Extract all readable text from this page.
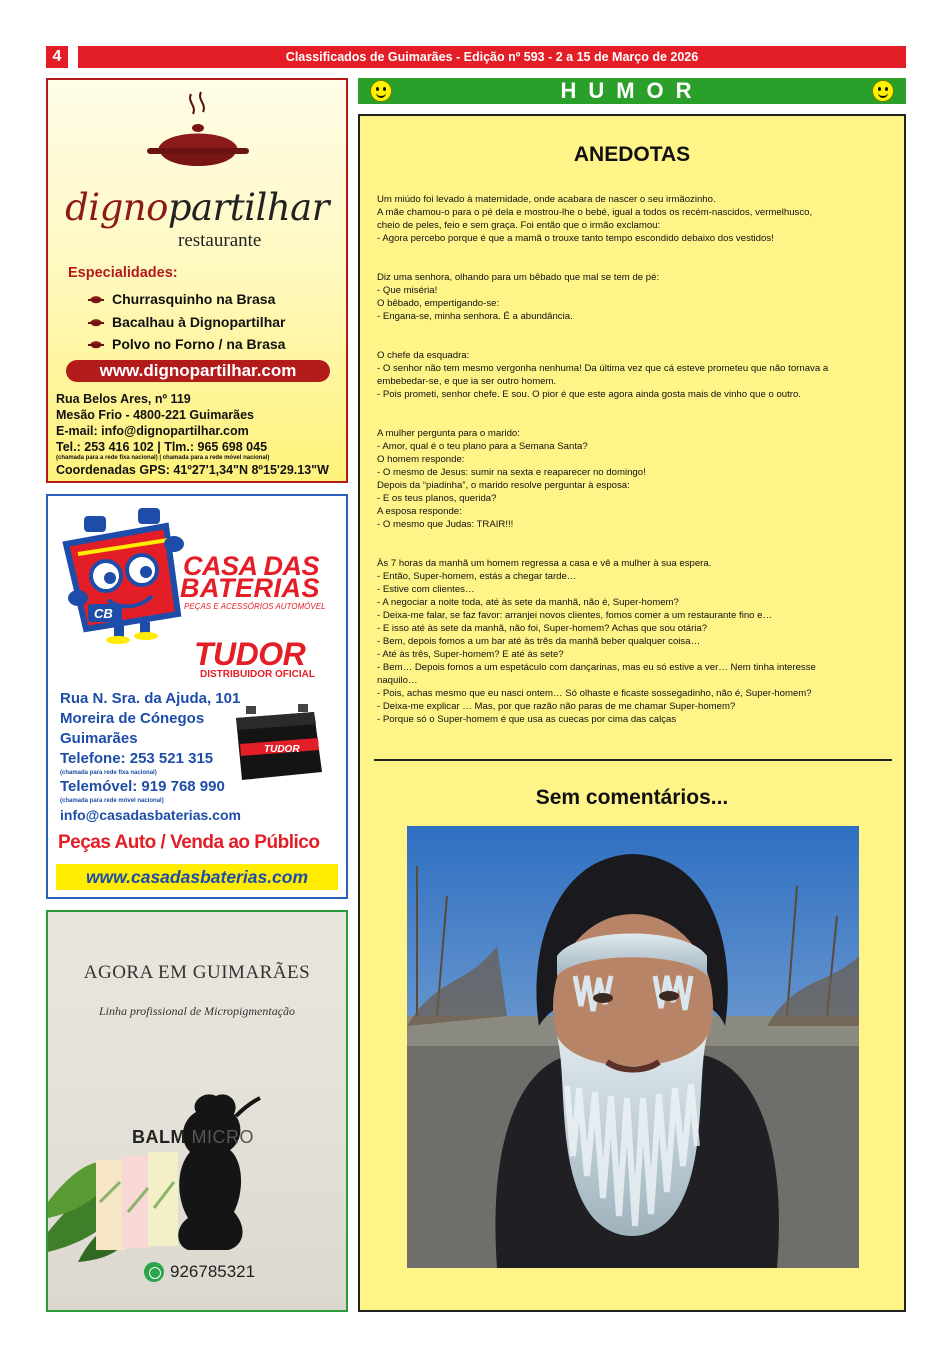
4	Classificados de Guimarães - Edição nº 593 - 2 a 15 de Março de 2026
dignopartilhar
restaurante
Especialidades:
Churrasquinho na Brasa
Bacalhau à Dignopartilhar
Polvo no Forno / na Brasa
www.dignopartilhar.com
Rua Belos Ares, nº 119
Mesão Frio - 4800-221 Guimarães
E-mail: info@dignopartilhar.com
Tel.: 253 416 102 | Tlm.: 965 698 045
(chamada para a rede fixa nacional) | chamada para a rede móvel nacional)
Coordenadas GPS: 41º27'1,34"N 8º15'29.13"W
CB
CASA DAS
BATERIAS
PEÇAS E ACESSÓRIOS AUTOMÓVEL
TUDOR
DISTRIBUIDOR OFICIAL
TUDOR
Rua N. Sra. da Ajuda, 101
Moreira de Cónegos
Guimarães
Telefone: 253 521 315
(chamada para rede fixa nacional)
Telemóvel: 919 768 990
(chamada para rede móvel nacional)
info@casadasbaterias.com
Peças Auto / Venda ao Público
www.casadasbaterias.com
AGORA EM GUIMARÃES
Linha profissional de Micropigmentação
BALM MICRO
926785321
HUMOR
ANEDOTAS
Um miúdo foi levado à maternidade, onde acabara de nascer o seu irmãozinho.
A mãe chamou-o para o pé dela e mostrou-lhe o bebé, igual a todos os recém-nascidos, vermelhusco,
cheio de peles, feio e sem graça. Foi então que o irmão exclamou:
- Agora percebo porque é que a mamã o trouxe tanto tempo escondido debaixo dos vestidos!
Diz uma senhora, olhando para um bêbado que mal se tem de pé:
- Que miséria!
O bêbado, empertigando-se:
- Engana-se, minha senhora. É a abundância.
O chefe da esquadra:
- O senhor não tem mesmo vergonha nenhuma! Da última vez que cá esteve prometeu que não tornava a
embebedar-se, e que ia ser outro homem.
- Pois prometi, senhor chefe. E sou. O pior é que este agora ainda gosta mais de vinho que o outro.
A mulher pergunta para o marido:
- Amor, qual é o teu plano para a Semana Santa?
O homem responde:
- O mesmo de Jesus: sumir na sexta e reaparecer no domingo!
Depois da “piadinha”, o marido resolve perguntar à esposa:
- E os teus planos, querida?
A esposa responde:
- O mesmo que Judas: TRAIR!!!
Às 7 horas da manhã um homem regressa a casa e vê a mulher à sua espera.
- Então, Super-homem, estás a chegar tarde…
- Estive com clientes…
- A negociar a noite toda, até às sete da manhã, não é, Super-homem?
- Deixa-me falar, se faz favor: arranjei novos clientes, fomos comer a um restaurante fino e…
- E isso até às sete da manhã, não foi, Super-homem? Achas que sou otária?
- Bem, depois fomos a um bar até às três da manhã beber qualquer coisa…
- Até às três, Super-homem? E até às sete?
- Bem… Depois fomos a um espetáculo com dançarinas, mas eu só estive a ver… Nem tinha interesse
naquilo…
- Pois, achas mesmo que eu nasci ontem… Só olhaste e ficaste sossegadinho, não é, Super-homem?
- Deixa-me explicar … Mas, por que razão não paras de me chamar Super-homem?
- Porque só o Super-homem é que usa as cuecas por cima das calças
Sem comentários...
